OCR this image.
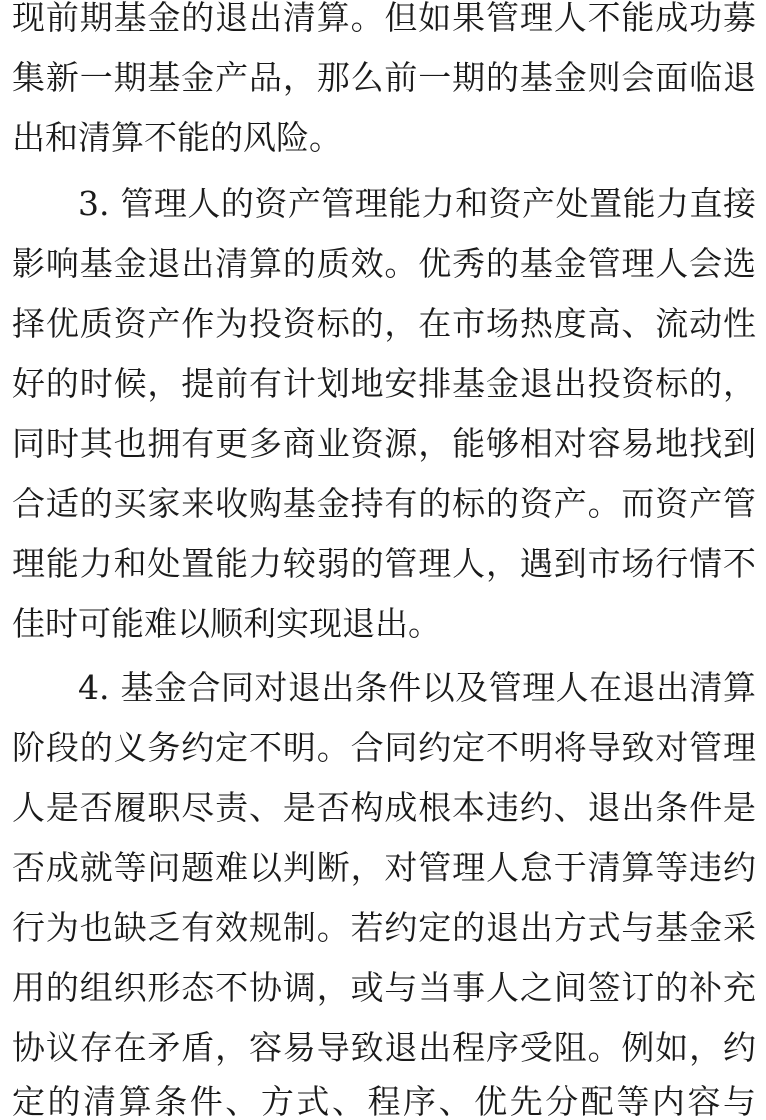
现前期基金的退出清算。但如果管理人不能成功募
集新一期基金产品，那么前一期的基金则会面临退
出和清算不能的风险。
3. 管理人的资产管理能力和资产处置能力直接
影响基金退出清算的质效。优秀的基金管理人会选
择优质资产作为投资标的，在市场热度高、流动性
好的时候，提前有计划地安排基金退出投资标的，
同时其也拥有更多商业资源，能够相对容易地找到
合适的买家来收购基金持有的标的资产。而资产管
理能力和处置能力较弱的管理人，遇到市场行情不
佳时可能难以顺利实现退出。
4. 基金合同对退出条件以及管理人在退出清算
阶段的义务约定不明。合同约定不明将导致对管理
人是否履职尽责、是否构成根本违约、退出条件是
否成就等问题难以判断，对管理人怠于清算等违约
行为也缺乏有效规制。若约定的退出方式与基金采
用的组织形态不协调，或与当事人之间签订的补充
协议存在矛盾，容易导致退出程序受阻。例如，约
定的清算条件、方式、程序、优先分配等内容与
